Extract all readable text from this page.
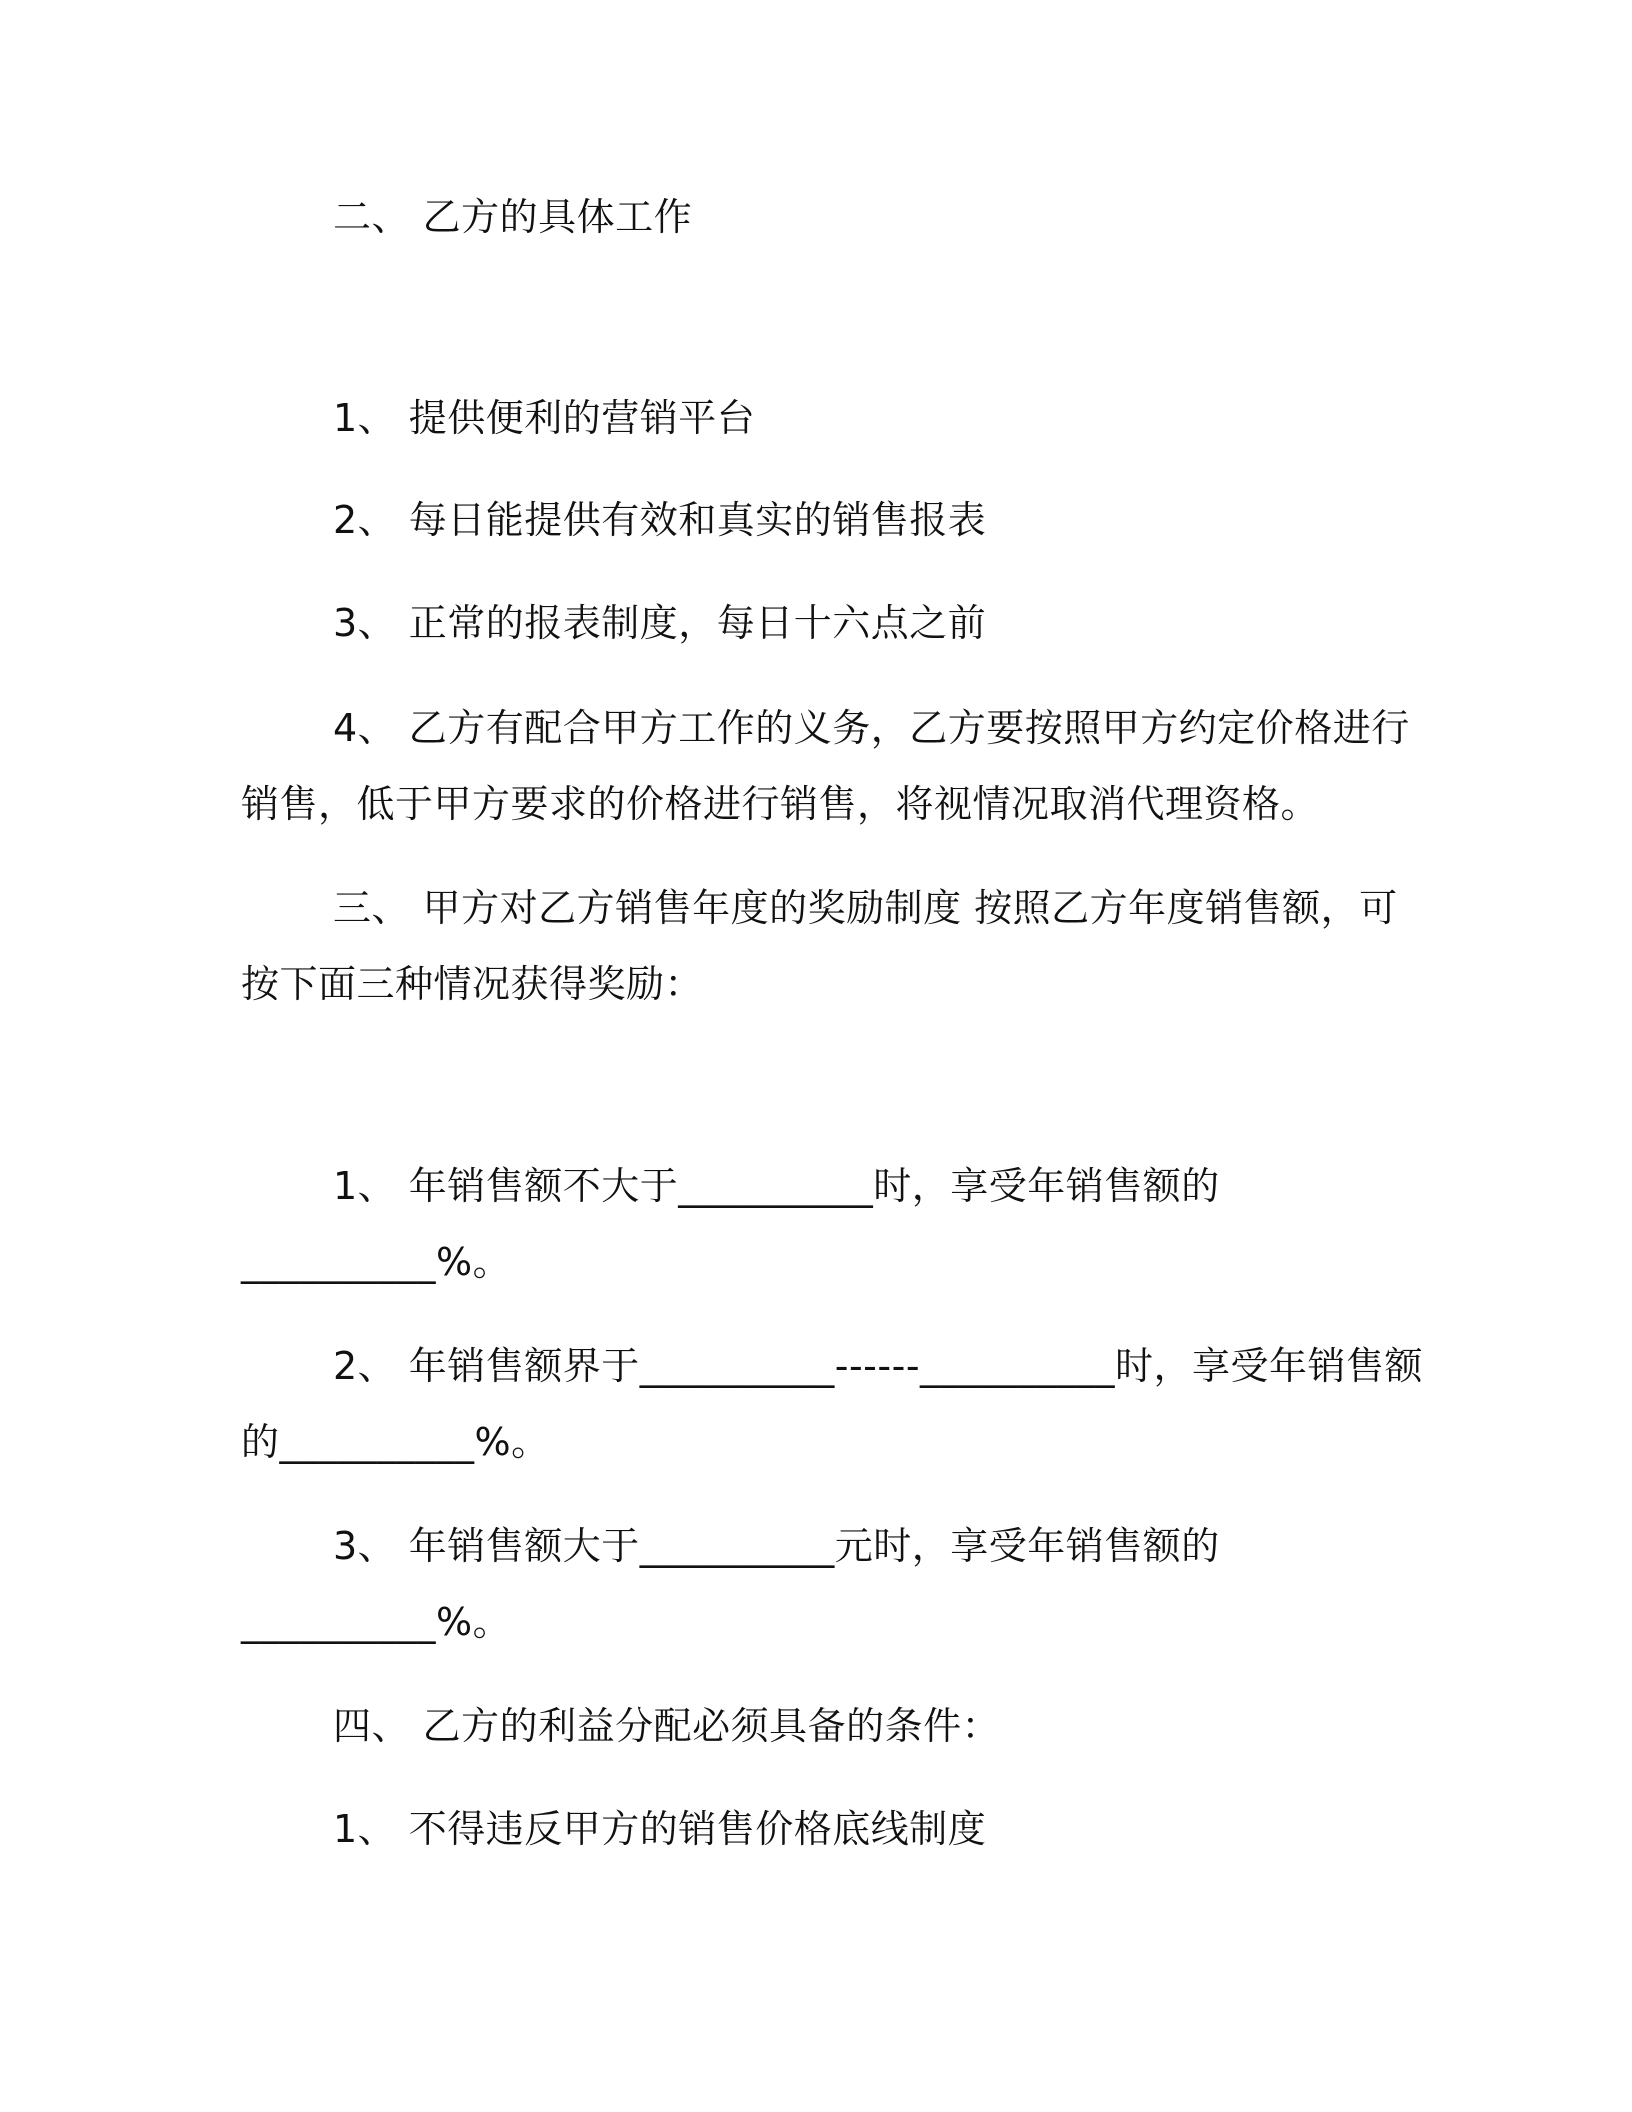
二、 乙方的具体工作
1、 提供便利的营销平台
2、 每日能提供有效和真实的销售报表
3、 正常的报表制度，每日十六点之前
4、 乙方有配合甲方工作的义务，乙方要按照甲方约定价格进行
销售，低于甲方要求的价格进行销售，将视情况取消代理资格。
三、 甲方对乙方销售年度的奖励制度 按照乙方年度销售额，可
按下面三种情况获得奖励：
1、 年销售额不大于__________时，享受年销售额的
__________%。
2、 年销售额界于__________------__________时，享受年销售额
的__________%。
3、 年销售额大于__________元时，享受年销售额的
__________%。
四、 乙方的利益分配必须具备的条件：
1、 不得违反甲方的销售价格底线制度
